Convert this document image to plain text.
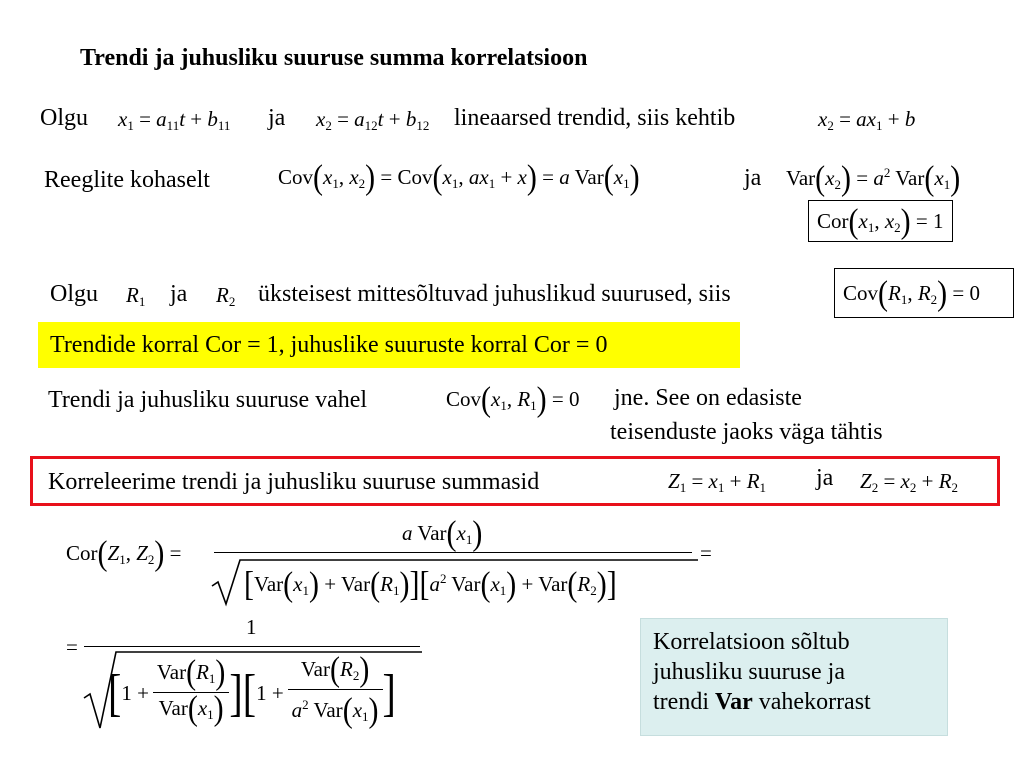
Trendi ja juhusliku suuruse summa korrelatsioon
Olgu $x_1 = a_{11}t + b_{11}$ ja $x_2 = a_{12}t + b_{12}$ lineaarsed trendid, siis kehtib	$x_2 = ax_1 + b$
Reeglite kohaselt	$Cov(x_1$, $x_2) = Cov(x_1$, $ax_1 + x) = a$ $Var(x_1)$	ja $Var(x_2) = a^2$ $Var(x_1)$
$Cor(x_1$, $x_2) = 1$
Olgu $R_1$ ja $R_2$ üksteisest mittesõltuvad juhuslikud suurused, siis	$Cov(R_1$, $R_2) = 0$
Trendide korral Cor = 1, juhuslike suuruste korral Cor = 0
Trendi ja juhusliku suuruse vahel	$Cov(x_1$, $R_1) = 0$ jne. See on edasiste
teisenduste jaoks väga tähtis
Korreleerime trendi ja juhusliku suuruse summasid	$Z_1 = x_1 + R_1$ ja $Z_2 = x_2 + R_2$
$Cor(Z_1$, $Z_2$) =
a $Var(x_1)$
$[Var(x_1) + Var(R_1)][a^2$ $Var(x_1) + Var(R_2)$]
=
=
1
[ $1 + \frac{Var(R_1)}{Var(x_1)}$ ] [ $1 + \frac{Var(R_2)}{a^2 Var(x_1)}$ ]
Korrelatsioon sõltub
juhusliku suuruse ja
trendi Var vahekorrast
